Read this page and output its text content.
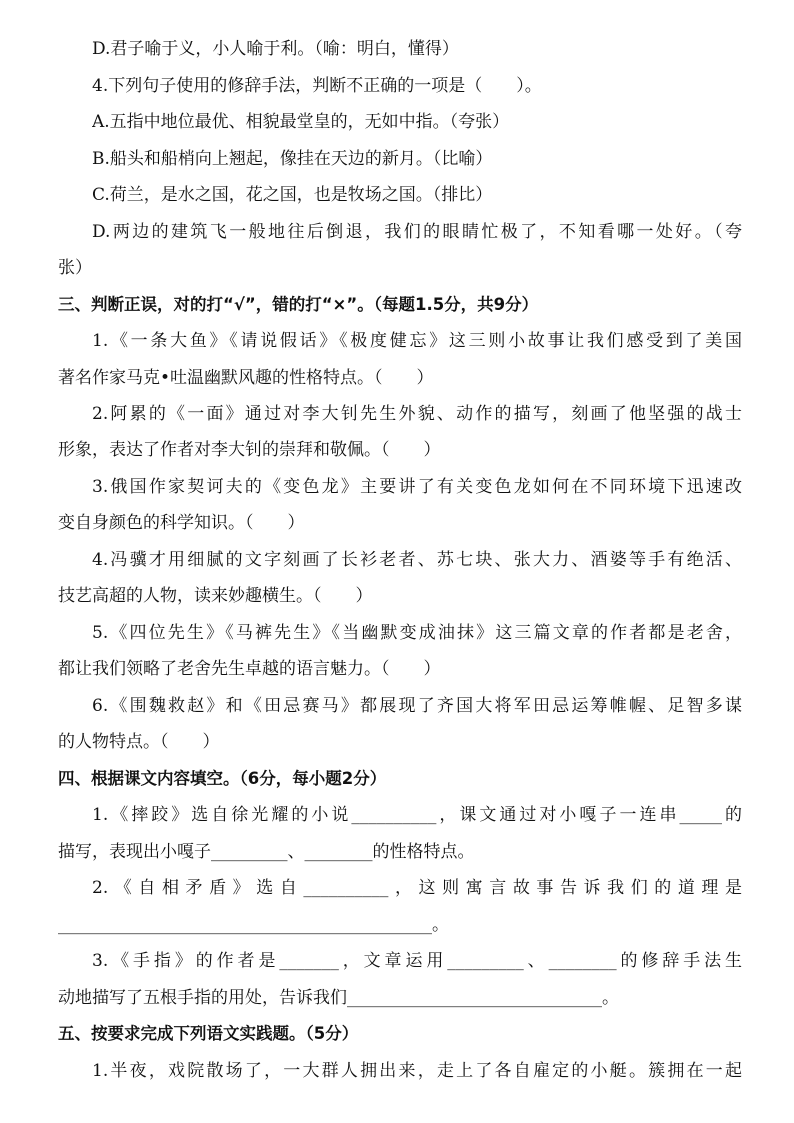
D.君子喻于义，小人喻于利。（喻：明白，懂得）
4.下列句子使用的修辞手法，判断不正确的一项是（　　）。
A.五指中地位最优、相貌最堂皇的，无如中指。（夸张）
B.船头和船梢向上翘起，像挂在天边的新月。（比喻）
C.荷兰，是水之国，花之国，也是牧场之国。（排比）
D.两边的建筑飞一般地往后倒退，我们的眼睛忙极了，不知看哪一处好。（夸
张）
三、判断正误，对的打“√”，错的打“×”。（每题1.5分，共9分）
1.《一条大鱼》《请说假话》《极度健忘》这三则小故事让我们感受到了美国
著名作家马克•吐温幽默风趣的性格特点。（　　）
2.阿累的《一面》通过对李大钊先生外貌、动作的描写，刻画了他坚强的战士
形象，表达了作者对李大钊的崇拜和敬佩。（　　）
3.俄国作家契诃夫的《变色龙》主要讲了有关变色龙如何在不同环境下迅速改
变自身颜色的科学知识。（　　）
4.冯骥才用细腻的文字刻画了长衫老者、苏七块、张大力、酒婆等手有绝活、
技艺高超的人物，读来妙趣横生。（　　）
5.《四位先生》《马裤先生》《当幽默变成油抹》这三篇文章的作者都是老舍，
都让我们领略了老舍先生卓越的语言魅力。（　　）
6.《围魏救赵》和《田忌赛马》都展现了齐国大将军田忌运筹帷幄、足智多谋
的人物特点。（　　）
四、根据课文内容填空。（6分，每小题2分）
1.《摔跤》选自徐光耀的小说__________，课文通过对小嘎子一连串_____的
描写，表现出小嘎子_________、________的性格特点。
2.《自相矛盾》选自__________，这则寓言故事告诉我们的道理是
____________________________________________。
3.《手指》的作者是_______，文章运用_________、________的修辞手法生
动地描写了五根手指的用处，告诉我们______________________________。
五、按要求完成下列语文实践题。（5分）
1.半夜，戏院散场了，一大群人拥出来，走上了各自雇定的小艇。簇拥在一起
